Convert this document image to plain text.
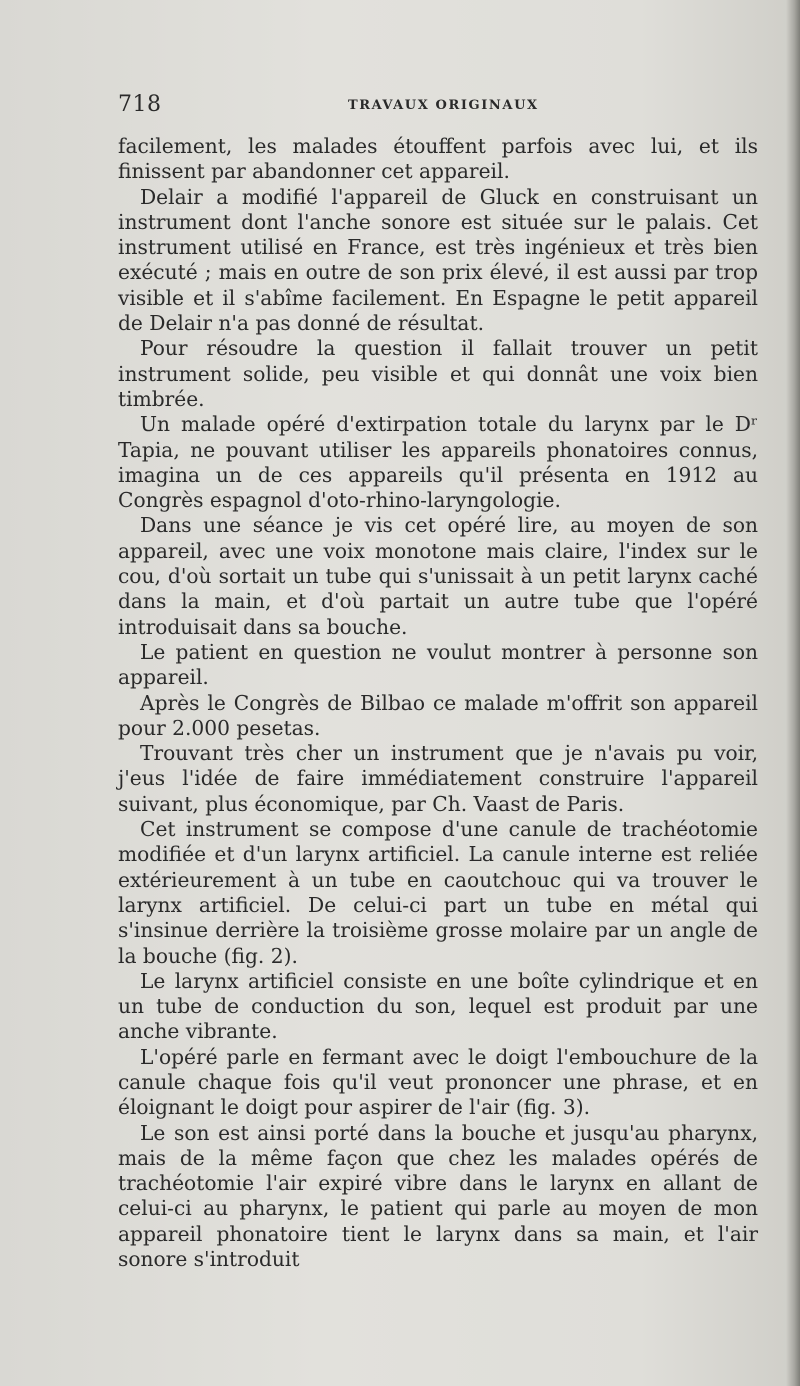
718	TRAVAUX ORIGINAUX

facilement, les malades étouffent parfois avec lui, et ils finissent par abandonner cet appareil.

Delair a modifié l'appareil de Gluck en construisant un instrument dont l'anche sonore est située sur le palais. Cet instrument utilisé en France, est très ingénieux et très bien exécuté ; mais en outre de son prix élevé, il est aussi par trop visible et il s'abîme facilement. En Espagne le petit appareil de Delair n'a pas donné de résultat.

Pour résoudre la question il fallait trouver un petit instrument solide, peu visible et qui donnât une voix bien timbrée.

Un malade opéré d'extirpation totale du larynx par le Dʳ Tapia, ne pouvant utiliser les appareils phonatoires connus, imagina un de ces appareils qu'il présenta en 1912 au Congrès espagnol d'oto-rhino-laryngologie.

Dans une séance je vis cet opéré lire, au moyen de son appareil, avec une voix monotone mais claire, l'index sur le cou, d'où sortait un tube qui s'unissait à un petit larynx caché dans la main, et d'où partait un autre tube que l'opéré introduisait dans sa bouche.

Le patient en question ne voulut montrer à personne son appareil.

Après le Congrès de Bilbao ce malade m'offrit son appareil pour 2.000 pesetas.

Trouvant très cher un instrument que je n'avais pu voir, j'eus l'idée de faire immédiatement construire l'appareil suivant, plus économique, par Ch. Vaast de Paris.

Cet instrument se compose d'une canule de trachéotomie modifiée et d'un larynx artificiel. La canule interne est reliée extérieurement à un tube en caoutchouc qui va trouver le larynx artificiel. De celui-ci part un tube en métal qui s'insinue derrière la troisième grosse molaire par un angle de la bouche (fig. 2).

Le larynx artificiel consiste en une boîte cylindrique et en un tube de conduction du son, lequel est produit par une anche vibrante.

L'opéré parle en fermant avec le doigt l'embouchure de la canule chaque fois qu'il veut prononcer une phrase, et en éloignant le doigt pour aspirer de l'air (fig. 3).

Le son est ainsi porté dans la bouche et jusqu'au pharynx, mais de la même façon que chez les malades opérés de trachéotomie l'air expiré vibre dans le larynx en allant de celui-ci au pharynx, le patient qui parle au moyen de mon appareil phonatoire tient le larynx dans sa main, et l'air sonore s'introduit
